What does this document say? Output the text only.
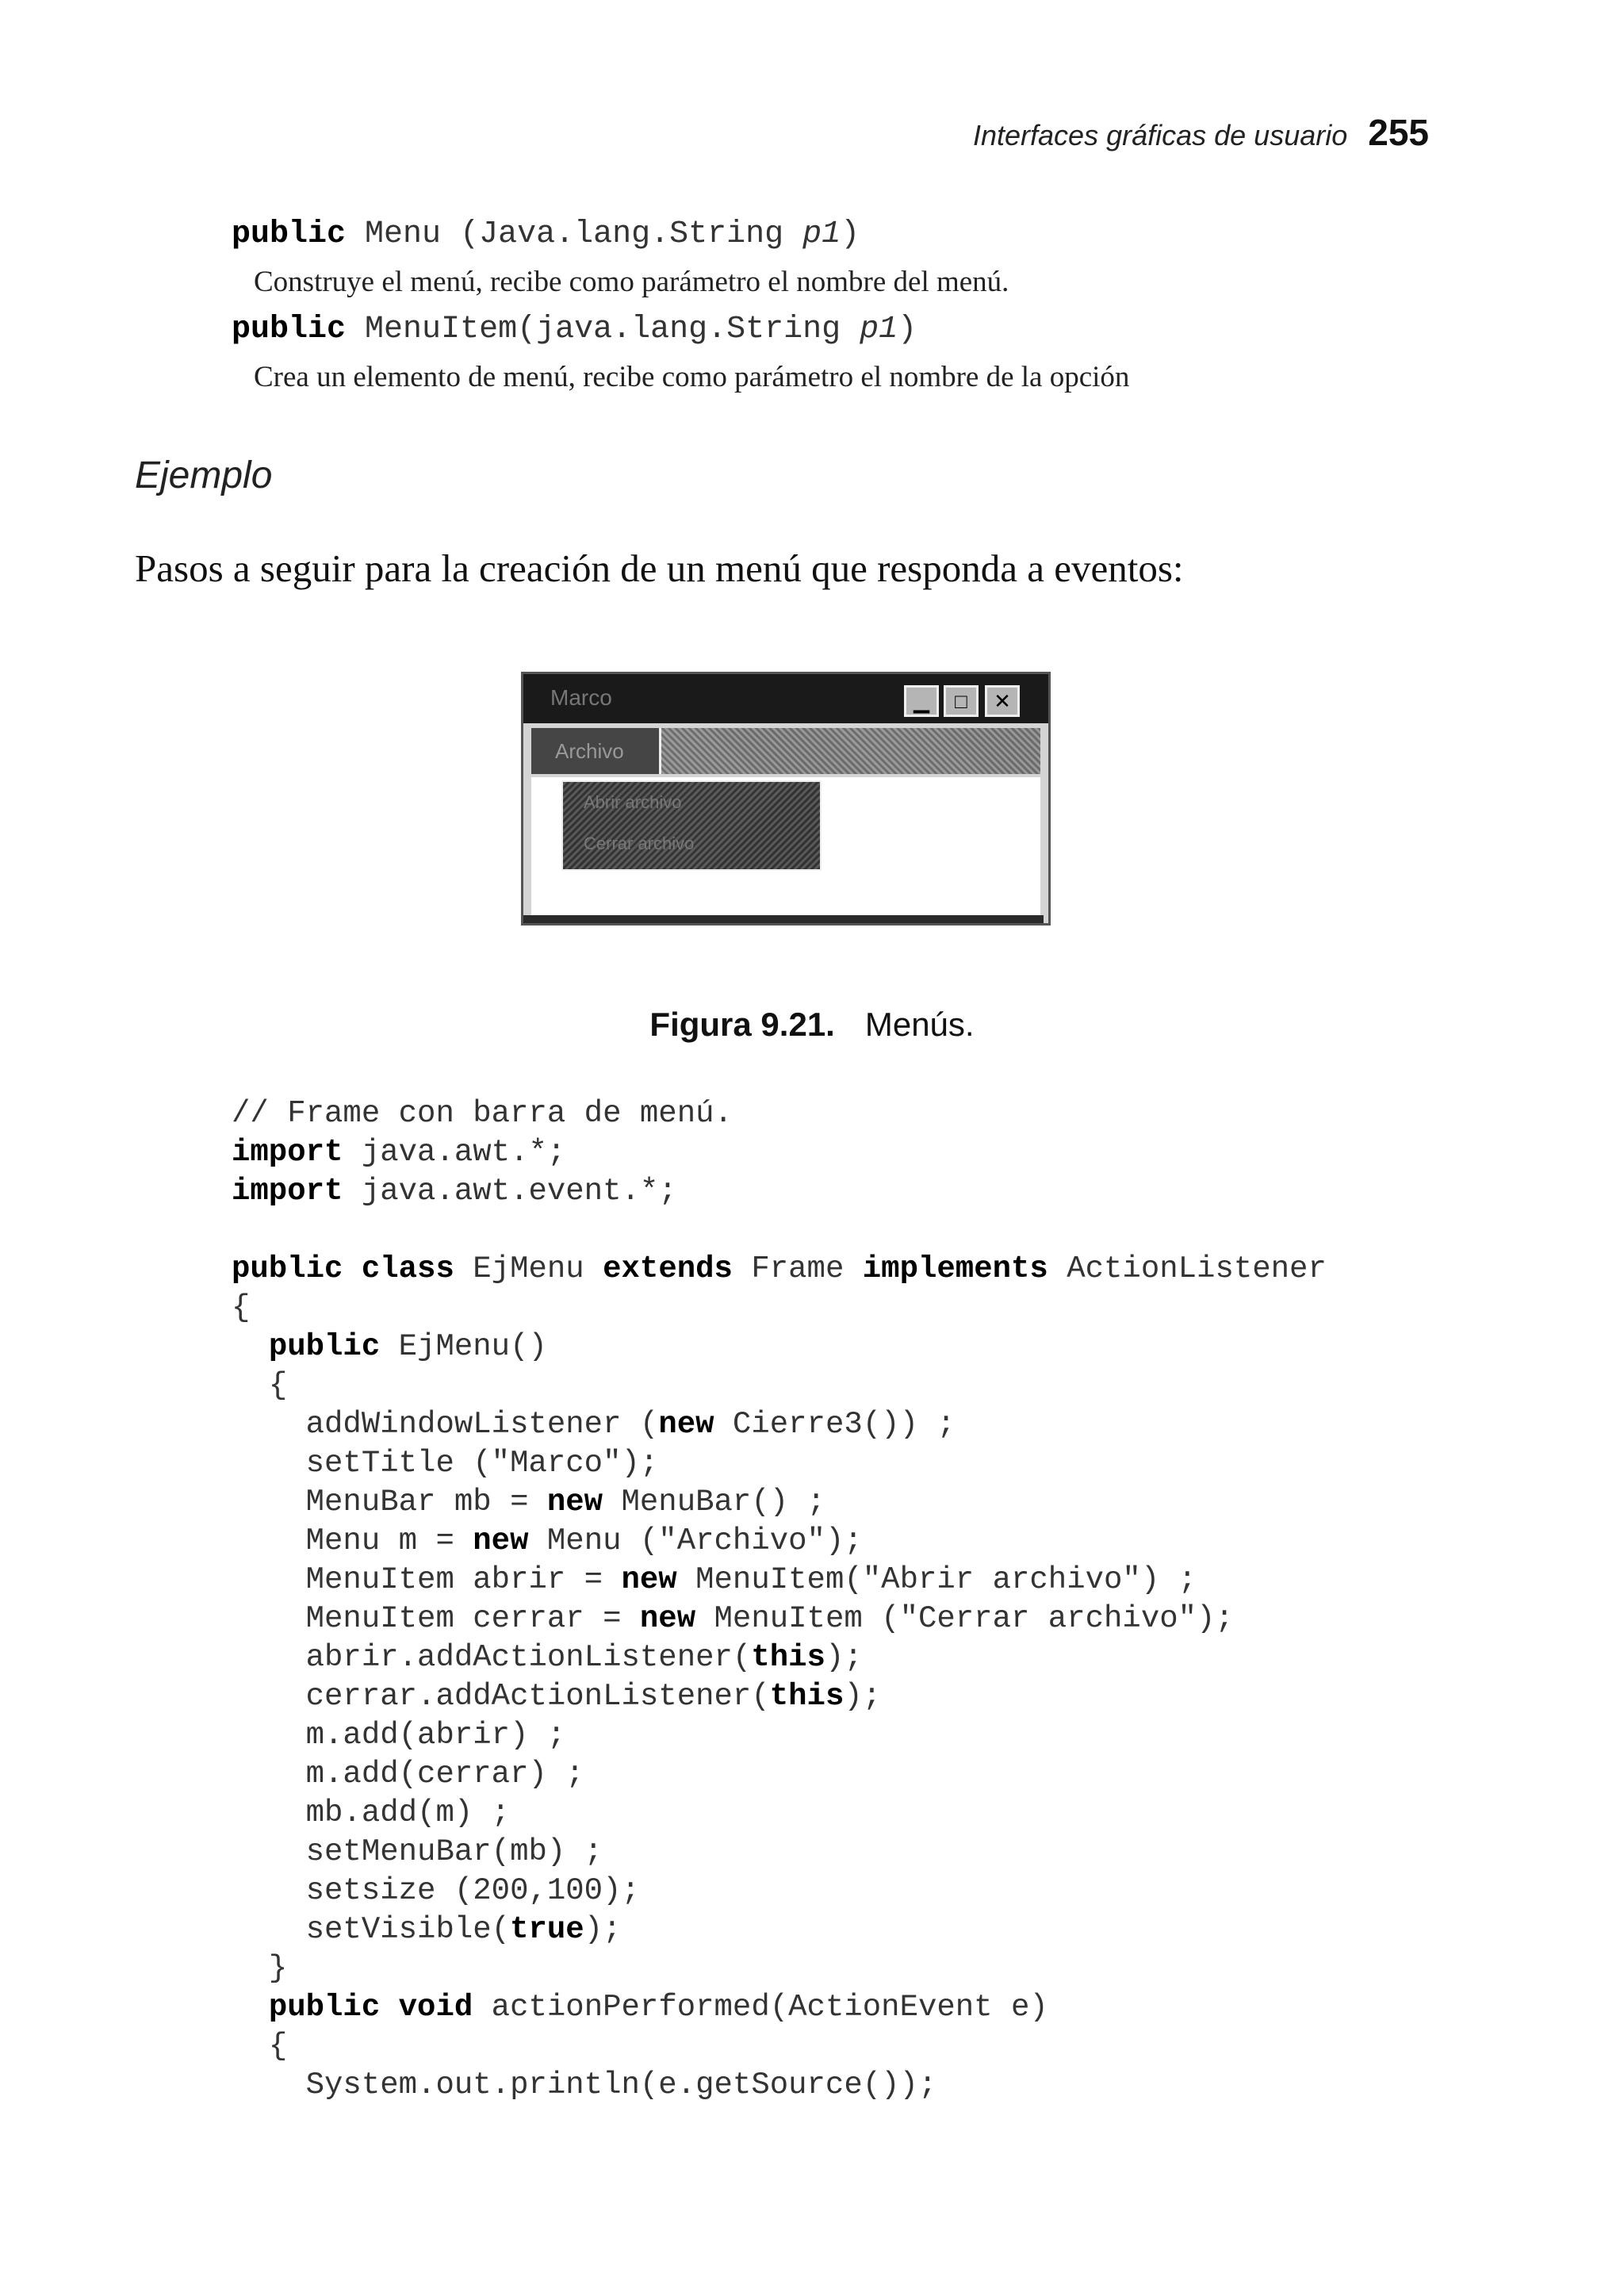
Interfaces gráficas de usuario 255
public Menu (Java.lang.String p1)
Construye el menú, recibe como parámetro el nombre del menú.
public MenuItem(java.lang.String p1)
Crea un elemento de menú, recibe como parámetro el nombre de la opción
Ejemplo
Pasos a seguir para la creación de un menú que responda a eventos:
Marco	▁	□	✕
Archivo
Abrir archivo
Cerrar archivo
Figura 9.21. Menús.
// Frame con barra de menú.
import java.awt.*;
import java.awt.event.*;

public class EjMenu extends Frame implements ActionListener
{
public EjMenu()
{
addWindowListener (new Cierre3()) ;
setTitle ("Marco");
MenuBar mb = new MenuBar() ;
Menu m = new Menu ("Archivo");
MenuItem abrir = new MenuItem("Abrir archivo") ;
MenuItem cerrar = new MenuItem ("Cerrar archivo");
abrir.addActionListener(this);
cerrar.addActionListener(this);
m.add(abrir) ;
m.add(cerrar) ;
mb.add(m) ;
setMenuBar(mb) ;
setsize (200,100);
setVisible(true);
}
public void actionPerformed(ActionEvent e)
{
System.out.println(e.getSource());
